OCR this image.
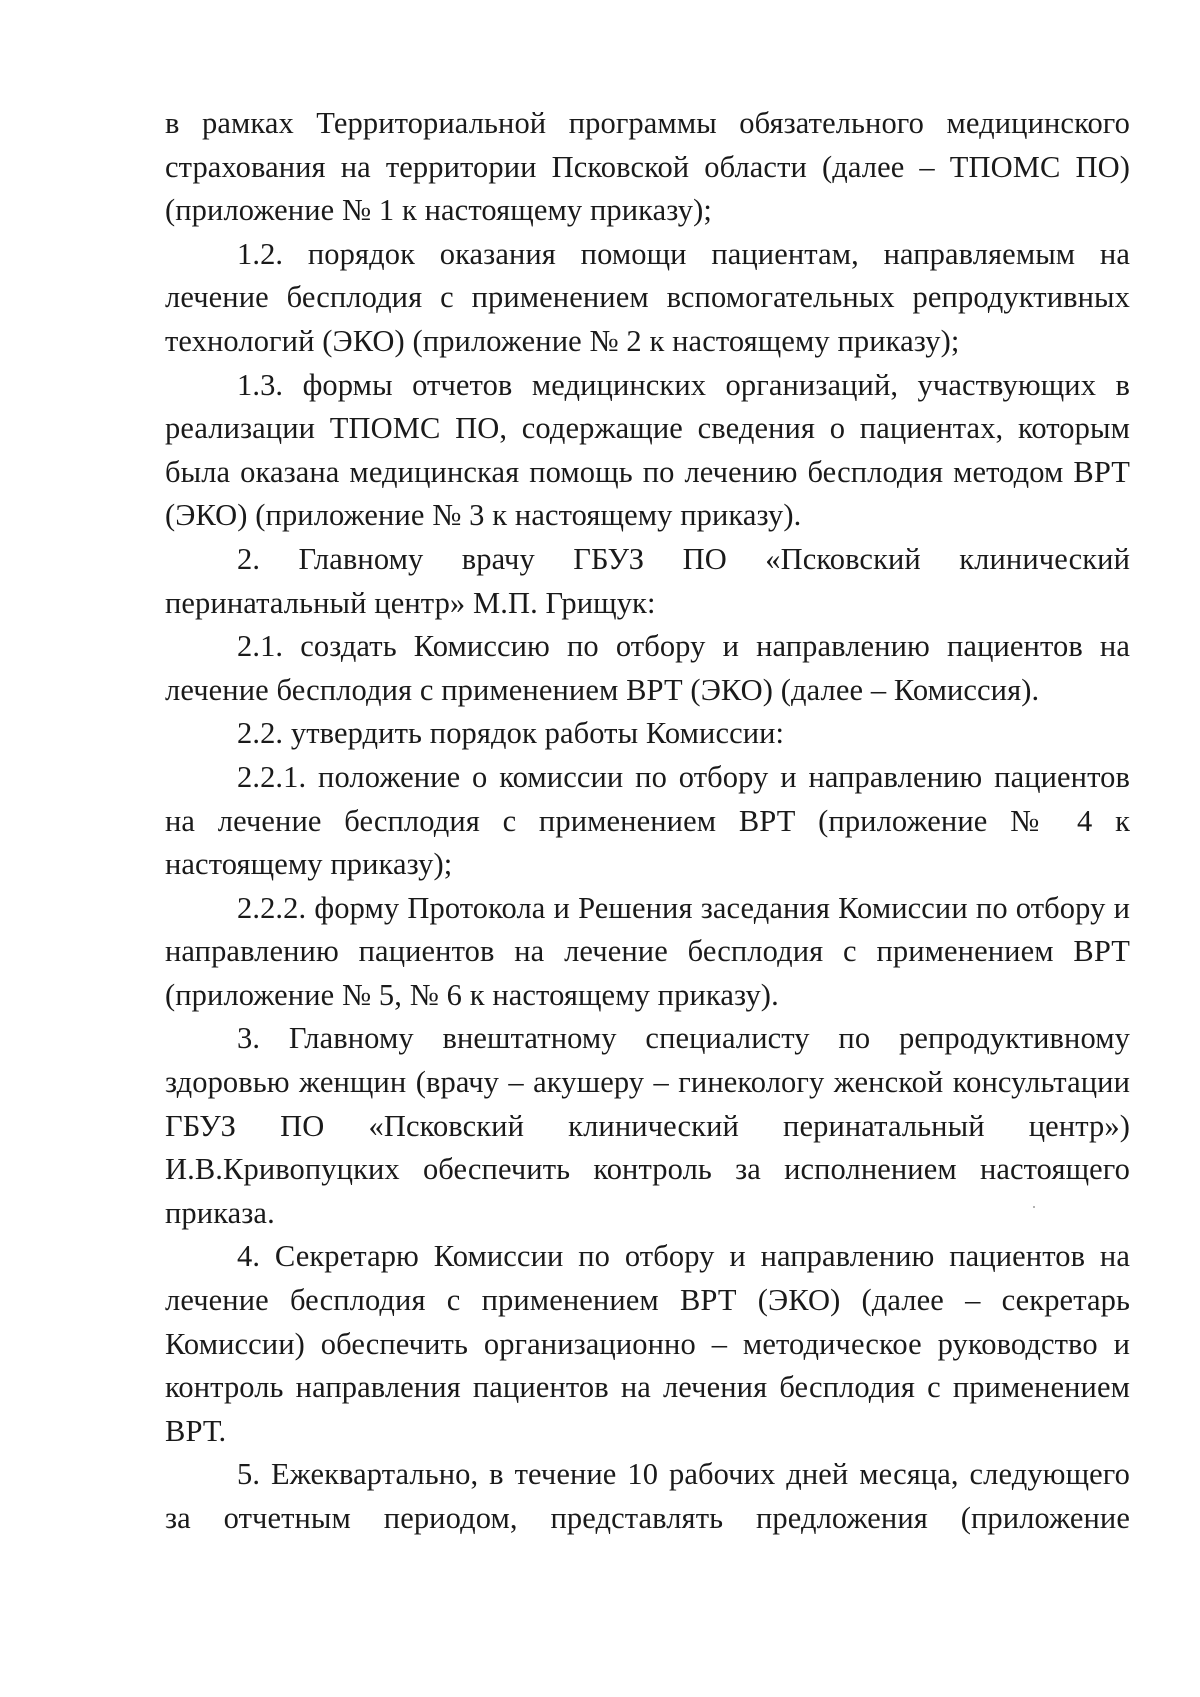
в рамках Территориальной программы обязательного медицинского страхования на территории Псковской области (далее – ТПОМС ПО) (приложение № 1 к настоящему приказу);

1.2. порядок оказания помощи пациентам, направляемым на лечение бесплодия с применением вспомогательных репродуктивных технологий (ЭКО) (приложение № 2 к настоящему приказу);

1.3. формы отчетов медицинских организаций, участвующих в реализации ТПОМС ПО, содержащие сведения о пациентах, которым была оказана медицинская помощь по лечению бесплодия методом ВРТ (ЭКО) (приложение № 3 к настоящему приказу).

2. Главному врачу ГБУЗ ПО «Псковский клинический перинатальный центр» М.П. Грищук:

2.1. создать Комиссию по отбору и направлению пациентов на лечение бесплодия с применением ВРТ (ЭКО) (далее – Комиссия).

2.2. утвердить порядок работы Комиссии:

2.2.1. положение о комиссии по отбору и направлению пациентов на лечение бесплодия с применением ВРТ (приложение № 4 к настоящему приказу);

2.2.2. форму Протокола и Решения заседания Комиссии по отбору и направлению пациентов на лечение бесплодия с применением ВРТ (приложение № 5, № 6 к настоящему приказу).

3. Главному внештатному специалисту по репродуктивному здоровью женщин (врачу – акушеру – гинекологу женской консультации ГБУЗ ПО «Псковский клинический перинатальный центр») И.В.Кривопуцких обеспечить контроль за исполнением настоящего приказа.

4. Секретарю Комиссии по отбору и направлению пациентов на лечение бесплодия с применением ВРТ (ЭКО) (далее – секретарь Комиссии) обеспечить организационно – методическое руководство и контроль направления пациентов на лечения бесплодия с применением ВРТ.

5. Ежеквартально, в течение 10 рабочих дней месяца, следующего за отчетным периодом, представлять предложения (приложение
